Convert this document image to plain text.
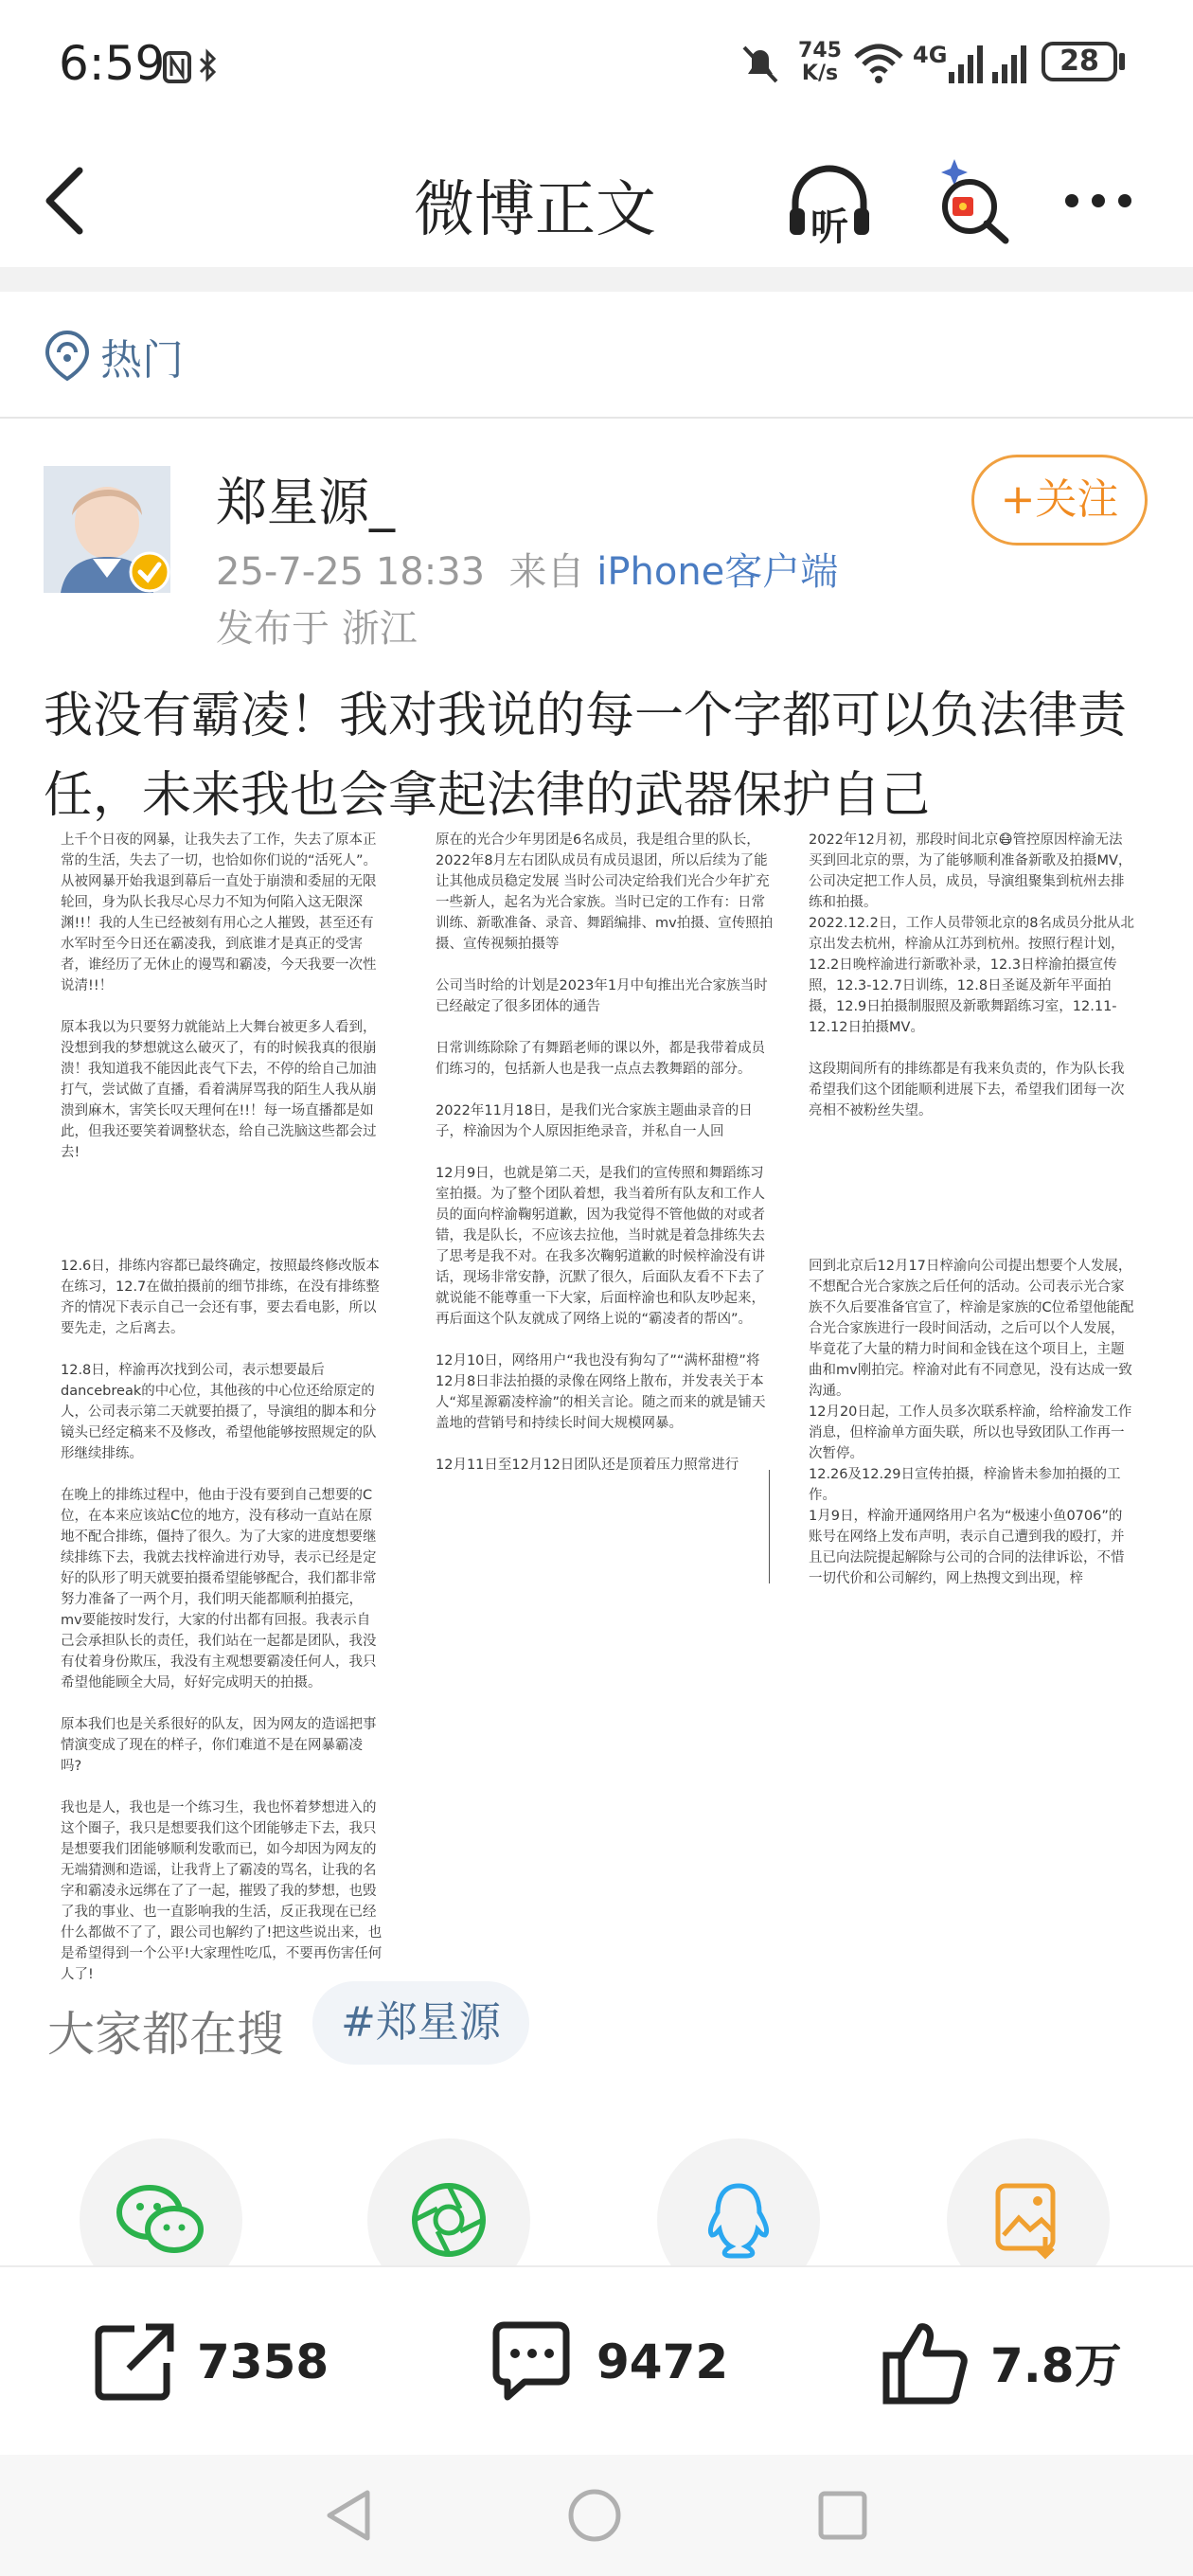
6:59	745
K/s
4G	28
微博正文	听
热门
郑星源_
25-7-25 18:33 来自 iPhone客户端
发布于 浙江
+关注
我没有霸凌！我对我说的每一个字都可以负法律责任，未来我也会拿起法律的武器保护自己
上千个日夜的网暴，让我失去了工作，失去了原本正常的生活，失去了一切，也恰如你们说的“活死人”。从被网暴开始我退到幕后一直处于崩溃和委屈的无限轮回，身为队长我尽心尽力不知为何陷入这无限深渊!!！我的人生已经被刻有用心之人摧毁，甚至还有水军时至今日还在霸凌我，到底谁才是真正的受害者，谁经历了无休止的谩骂和霸凌，今天我要一次性说清!!！

原本我以为只要努力就能站上大舞台被更多人看到，没想到我的梦想就这么破灭了，有的时候我真的很崩溃！我知道我不能因此丧气下去，不停的给自己加油打气，尝试做了直播，看着满屏骂我的陌生人我从崩溃到麻木，害笑长叹天理何在!!！每一场直播都是如此，但我还要笑着调整状态，给自己洗脑这些都会过去!
12.6日，排练内容都已最终确定，按照最终修改版本在练习，12.7在做拍摄前的细节排练，在没有排练整齐的情况下表示自己一会还有事，要去看电影，所以要先走，之后离去。

12.8日，梓渝再次找到公司，表示想要最后dancebreak的中心位，其他孩的中心位还给原定的人，公司表示第二天就要拍摄了，导演组的脚本和分镜头已经定稿来不及修改，希望他能够按照规定的队形继续排练。

在晚上的排练过程中，他由于没有要到自己想要的C位，在本来应该站C位的地方，没有移动一直站在原地不配合排练，僵持了很久。为了大家的进度想要继续排练下去，我就去找梓渝进行劝导，表示已经是定好的队形了明天就要拍摄希望能够配合，我们都非常努力准备了一两个月，我们明天能都顺利拍摄完，mv要能按时发行，大家的付出都有回报。我表示自己会承担队长的责任，我们站在一起都是团队，我没有仗着身份欺压，我没有主观想要霸凌任何人，我只希望他能顾全大局，好好完成明天的拍摄。

原本我们也是关系很好的队友，因为网友的造谣把事情演变成了现在的样子，你们难道不是在网暴霸凌吗?

我也是人，我也是一个练习生，我也怀着梦想进入的这个圈子，我只是想要我们这个团能够走下去，我只是想要我们团能够顺利发歌而已，如今却因为网友的无端猜测和造谣，让我背上了霸凌的骂名，让我的名字和霸凌永远绑在了了一起，摧毁了我的梦想，也毁了我的事业、也一直影响我的生活，反正我现在已经什么都做不了了，跟公司也解约了!把这些说出来，也是希望得到一个公平!大家理性吃瓜，不要再伤害任何人了!
原在的光合少年男团是6名成员，我是组合里的队长，2022年8月左右团队成员有成员退团，所以后续为了能让其他成员稳定发展 当时公司决定给我们光合少年扩充一些新人，起名为光合家族。当时已定的工作有：日常训练、新歌准备、录音、舞蹈编排、mv拍摄、宣传照拍摄、宣传视频拍摄等

公司当时给的计划是2023年1月中旬推出光合家族当时已经敲定了很多团体的通告

日常训练除除了有舞蹈老师的课以外，都是我带着成员们练习的，包括新人也是我一点点去教舞蹈的部分。

2022年11月18日，是我们光合家族主题曲录音的日子，梓渝因为个人原因拒绝录音，并私自一人回

12月9日，也就是第二天，是我们的宣传照和舞蹈练习室拍摄。为了整个团队着想，我当着所有队友和工作人员的面向梓渝鞠躬道歉，因为我觉得不管他做的对或者错，我是队长，不应该去拉他，当时就是着急排练失去了思考是我不对。在我多次鞠躬道歉的时候梓渝没有讲话，现场非常安静，沉默了很久，后面队友看不下去了就说能不能尊重一下大家，后面梓渝也和队友吵起来，再后面这个队友就成了网络上说的“霸凌者的帮凶”。

12月10日，网络用户“我也没有狗勾了”“满杯甜橙”将12月8日非法拍摄的录像在网络上散布，并发表关于本人“郑星源霸凌梓渝”的相关言论。随之而来的就是铺天盖地的营销号和持续长时间大规模网暴。

12月11日至12月12日团队还是顶着压力照常进行
2022年12月初，那段时间北京😷管控原因梓渝无法买到回北京的票，为了能够顺利准备新歌及拍摄MV，公司决定把工作人员，成员，导演组聚集到杭州去排练和拍摄。
2022.12.2日，工作人员带领北京的8名成员分批从北京出发去杭州，梓渝从江苏到杭州。按照行程计划，12.2日晚梓渝进行新歌补录，12.3日梓渝拍摄宣传照，12.3-12.7日训练，12.8日圣诞及新年平面拍摄，12.9日拍摄制服照及新歌舞蹈练习室，12.11-12.12日拍摄MV。

这段期间所有的排练都是有我来负责的，作为队长我希望我们这个团能顺利进展下去，希望我们团每一次亮相不被粉丝失望。
回到北京后12月17日梓渝向公司提出想要个人发展，不想配合光合家族之后任何的活动。公司表示光合家族不久后要准备官宣了，梓渝是家族的C位希望他能配合光合家族进行一段时间活动，之后可以个人发展，毕竟花了大量的精力时间和金钱在这个项目上，主题曲和mv刚拍完。梓渝对此有不同意见，没有达成一致沟通。
12月20日起，工作人员多次联系梓渝，给梓渝发工作消息，但梓渝单方面失联，所以也导致团队工作再一次暂停。
12.26及12.29日宣传拍摄，梓渝皆未参加拍摄的工作。
1月9日，梓渝开通网络用户名为“极速小鱼0706”的账号在网络上发布声明，表示自己遭到我的殴打，并且已向法院提起解除与公司的合同的法律诉讼，不惜一切代价和公司解约，网上热搜文到出现，梓
大家都在搜	#郑星源
7358	9472	7.8万
